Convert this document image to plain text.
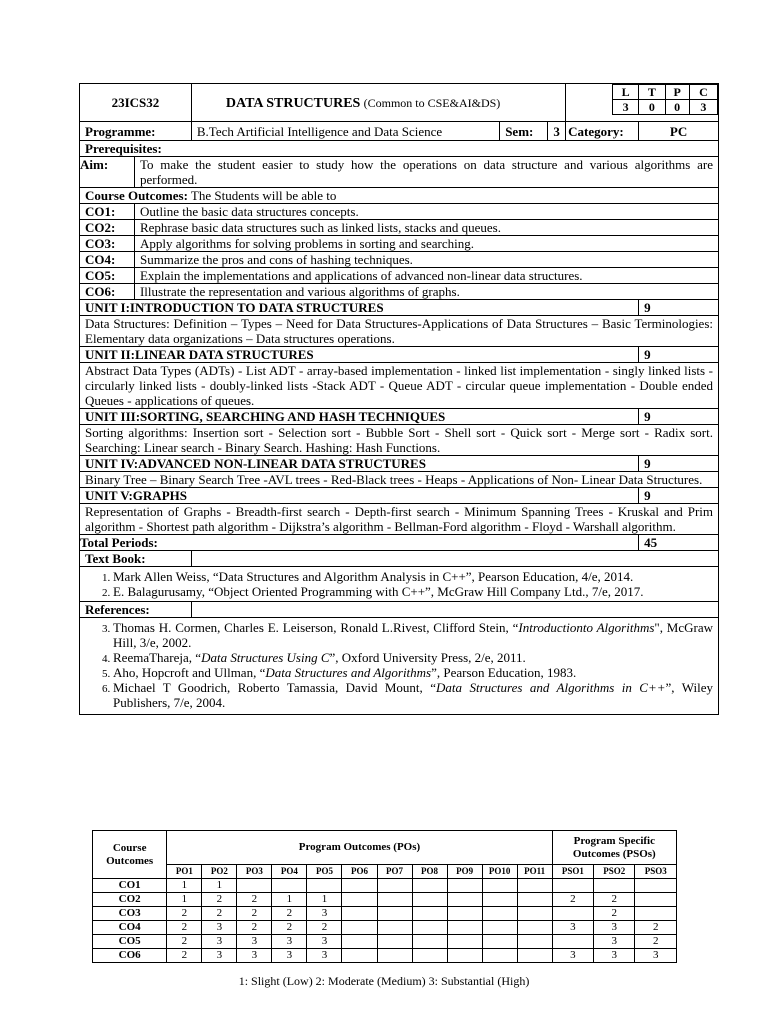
23ICS32	DATA STRUCTURES (Common to CSE&AI&DS)	
L	T	P	C
3	0	0	3

Programme:	B.Tech Artificial Intelligence and Data Science	Sem:	3	Category:	PC
Prerequisites:
Aim:	To make the student easier to study how the operations on data structure and various algorithms are performed.
Course Outcomes: The Students will be able to
CO1:	Outline the basic data structures concepts.
CO2:	Rephrase basic data structures such as linked lists, stacks and queues.
CO3:	Apply algorithms for solving problems in sorting and searching.
CO4:	Summarize the pros and cons of hashing techniques.
CO5:	Explain the implementations and applications of advanced non-linear data structures.
CO6:	Illustrate the representation and various algorithms of graphs.
UNIT I:INTRODUCTION TO DATA STRUCTURES	9
Data Structures: Definition – Types – Need for Data Structures-Applications of Data Structures – Basic Terminologies: Elementary data organizations – Data structures operations.
UNIT II:LINEAR DATA STRUCTURES	9
Abstract Data Types (ADTs) - List ADT - array-based implementation - linked list implementation - singly linked lists - circularly linked lists - doubly-linked lists -Stack ADT - Queue ADT - circular queue implementation - Double ended Queues - applications of queues.
UNIT III:SORTING, SEARCHING AND HASH TECHNIQUES	9
Sorting algorithms: Insertion sort - Selection sort - Bubble Sort - Shell sort - Quick sort - Merge sort - Radix sort. Searching: Linear search - Binary Search. Hashing: Hash Functions.
UNIT IV:ADVANCED NON-LINEAR DATA STRUCTURES	9
Binary Tree – Binary Search Tree -AVL trees - Red-Black trees - Heaps - Applications of Non- Linear Data Structures.
UNIT V:GRAPHS	9
Representation of Graphs - Breadth-first search - Depth-first search - Minimum Spanning Trees - Kruskal and Prim algorithm - Shortest path algorithm - Dijkstra’s algorithm - Bellman-Ford algorithm - Floyd - Warshall algorithm.
Total Periods:	45
Text Book:	

1. Mark Allen Weiss, “Data Structures and Algorithm Analysis in C++”, Pearson Education, 4/e, 2014.
2. E. Balagurusamy, “Object Oriented Programming with C++”, McGraw Hill Company Ltd., 7/e, 2017.

References:	

3. Thomas H. Cormen, Charles E. Leiserson, Ronald L.Rivest, Clifford Stein, “Introductionto Algorithms", McGraw Hill, 3/e, 2002.
4. ReemaThareja, “Data Structures Using C”, Oxford University Press, 2/e, 2011.
5. Aho, Hopcroft and Ullman, “Data Structures and Algorithms”, Pearson Education, 1983.
6. Michael T Goodrich, Roberto Tamassia, David Mount, “Data Structures and Algorithms in C++”, Wiley Publishers, 7/e, 2004.
Course Outcomes	Program Outcomes (POs)											Program Specific Outcomes (PSOs)		
	PO1	PO2	PO3	PO4	PO5	PO6	PO7	PO8	PO9	PO10	PO11	PSO1	PSO2	PSO3
CO1	1	1												
CO2	1	2	2	1	1							2	2	
CO3	2	2	2	2	3								2	
CO4	2	3	2	2	2							3	3	2
CO5	2	3	3	3	3								3	2
CO6	2	3	3	3	3							3	3	3
1: Slight (Low) 2: Moderate (Medium) 3: Substantial (High)
